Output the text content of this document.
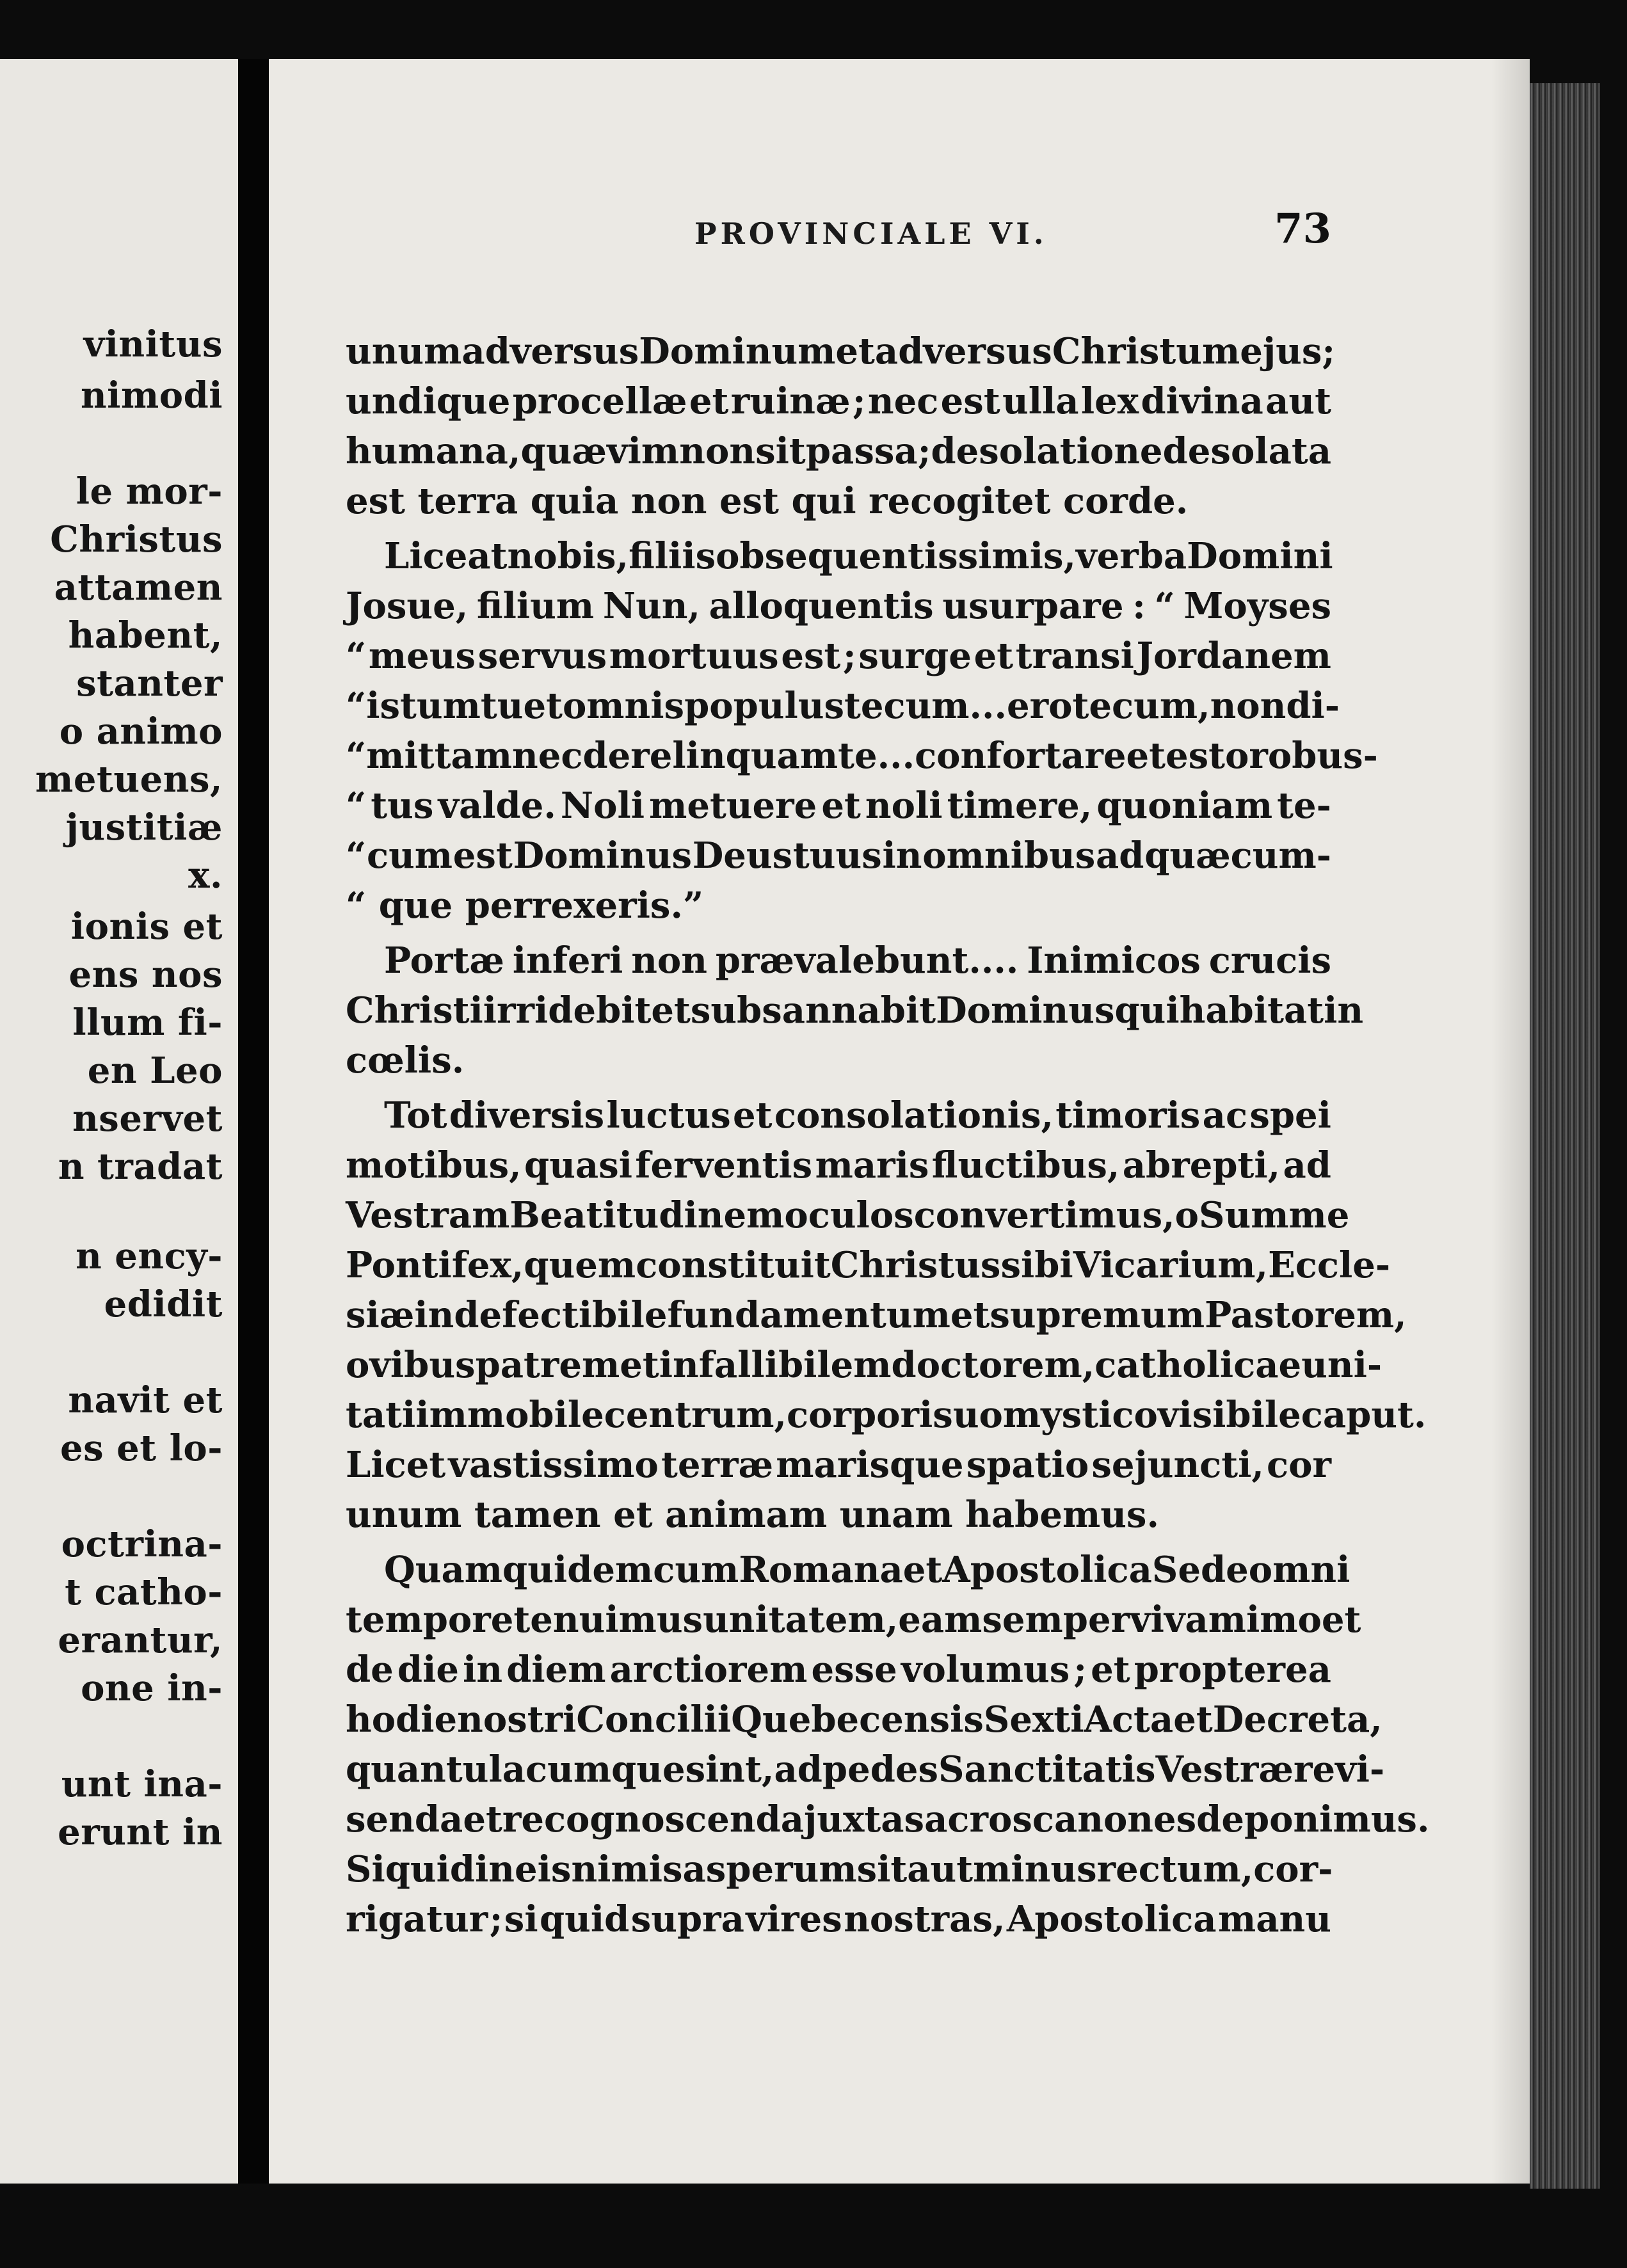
vinitus
nimodi
le mor-
Christus
attamen
habent,
stanter
o animo
metuens,
justitiæ
x.
ionis et
ens nos
llum fi-
en Leo
nservet
n tradat
n ency-
edidit
navit et
es et lo-
octrina-
t catho-
erantur,
one in-
unt ina-
erunt in
PROVINCIALE VI.	73
unum adversus Dominum et adversus Christum ejus ;
undique procellæ et ruinæ ; nec est ulla lex divina aut
humana, quæ vim non sit passa ; desolatione desolata
est terra quia non est qui recogitet corde.
Liceat nobis, filiis obsequentissimis, verba Domini
Josue, filium Nun, alloquentis usurpare : “ Moyses
“ meus servus mortuus est ; surge et transi Jordanem
“ istum tu et omnis populus tecum... ero tecum, non di-
“ mittam nec derelinquam te... confortare et esto robus-
“ tus valde. Noli metuere et noli timere, quoniam te-
“ cum est Dominus Deus tuus in omnibus ad quæcum-
“ que perrexeris.”
Portæ inferi non prævalebunt.... Inimicos crucis
Christi irridebit et subsannabit Dominus qui habitat in
cœlis.
Tot diversis luctus et consolationis, timoris ac spei
motibus, quasi ferventis maris fluctibus, abrepti, ad
Vestram Beatitudinem oculos convertimus, o Summe
Pontifex, quem constituit Christus sibi Vicarium, Eccle-
siæ indefectibile fundamentum et supremum Pastorem,
ovibus patrem et infallibilem doctorem, catholicae uni-
tati immobile centrum, corpori suo mystico visibile caput.
Licet vastissimo terræ marisque spatio sejuncti, cor
unum tamen et animam unam habemus.
Quam quidem cum Romana et Apostolica Sede omni
tempore tenuimus unitatem, eam semper vivam imo et
de die in diem arctiorem esse volumus ; et propterea
hodie nostri Concilii Quebecensis Sexti Acta et Decreta,
quantulacumque sint, ad pedes Sanctitatis Vestræ revi-
senda et recognoscenda juxta sacros canones deponimus.
Si quid in eis nimis asperum sit aut minus rectum, cor-
rigatur ; si quid supra vires nostras, Apostolica manu
